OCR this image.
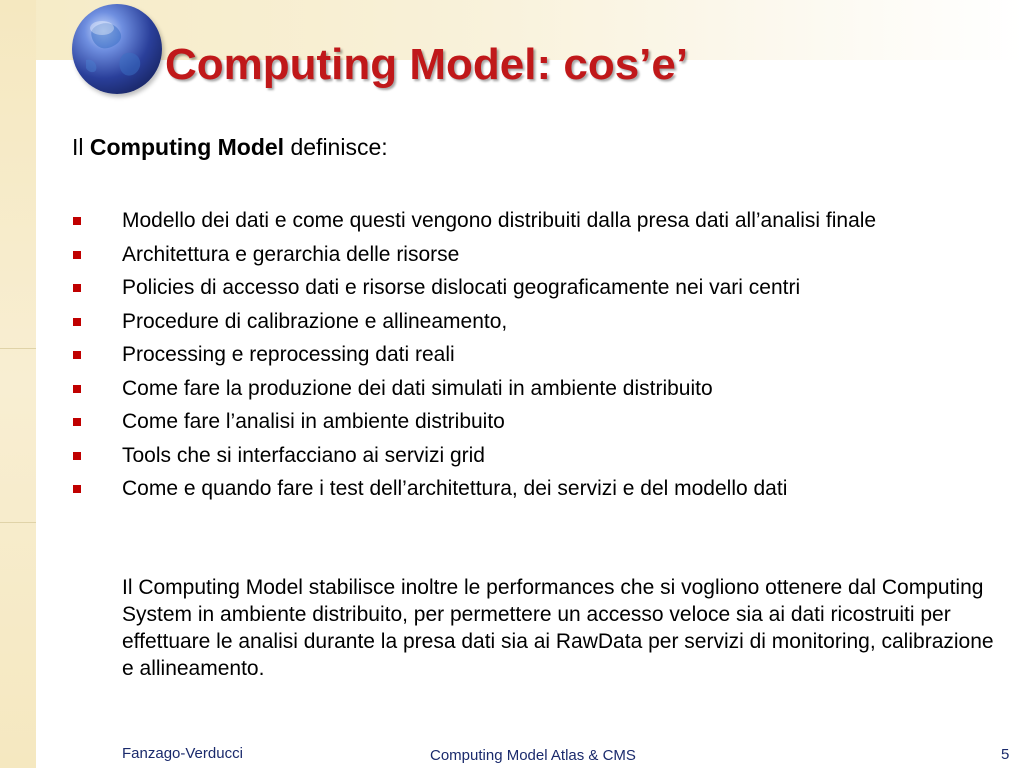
Computing Model: cos’e’
Il Computing Model definisce:
Modello dei dati e come questi vengono distribuiti dalla presa dati all’analisi finale
Architettura e gerarchia delle risorse
Policies di accesso dati e risorse dislocati geograficamente nei vari centri
Procedure di calibrazione e allineamento,
Processing e reprocessing dati reali
Come fare la produzione dei dati simulati in ambiente distribuito
Come fare l’analisi in ambiente distribuito
Tools che si interfacciano ai servizi grid
Come e quando fare i test dell’architettura, dei servizi e del modello dati

Il Computing Model stabilisce inoltre le performances che si vogliono ottenere dal Computing System in ambiente distribuito, per permettere un accesso veloce sia ai dati ricostruiti per effettuare le analisi durante la presa dati sia ai RawData per servizi di monitoring, calibrazione e allineamento.

Fanzago-Verducci	Computing Model Atlas & CMS	5
